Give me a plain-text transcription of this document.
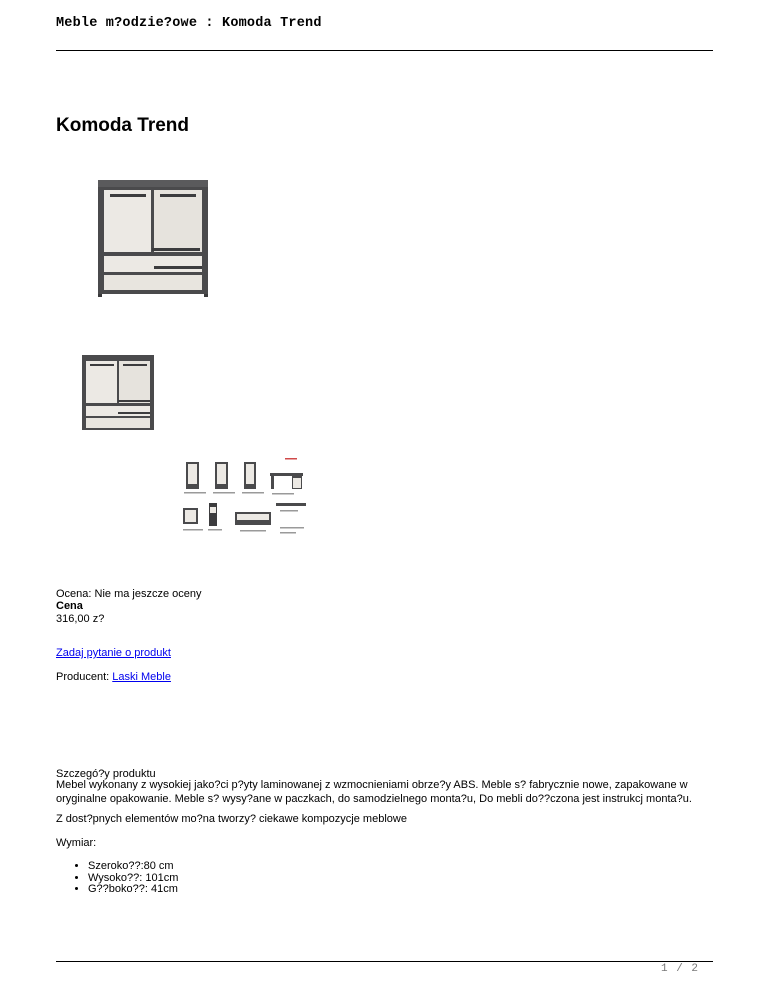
Meble m?odzie?owe : Komoda Trend
Komoda Trend
Ocena: Nie ma jeszcze oceny
Cena
316,00 z?
Zadaj pytanie o produkt
Producent: Laski Meble
Szczegó?y produktu
Mebel wykonany z wysokiej jako?ci p?yty laminowanej z wzmocnieniami obrze?y ABS. Meble s? fabrycznie nowe, zapakowane w oryginalne opakowanie. Meble s? wysy?ane w paczkach, do samodzielnego monta?u, Do mebli do??czona jest instrukcj monta?u.
Z dost?pnych elementów mo?na tworzy? ciekawe kompozycje meblowe
Wymiar:
• Szeroko??:80 cm
• Wysoko??: 101cm
• G??boko??: 41cm
1 / 2
